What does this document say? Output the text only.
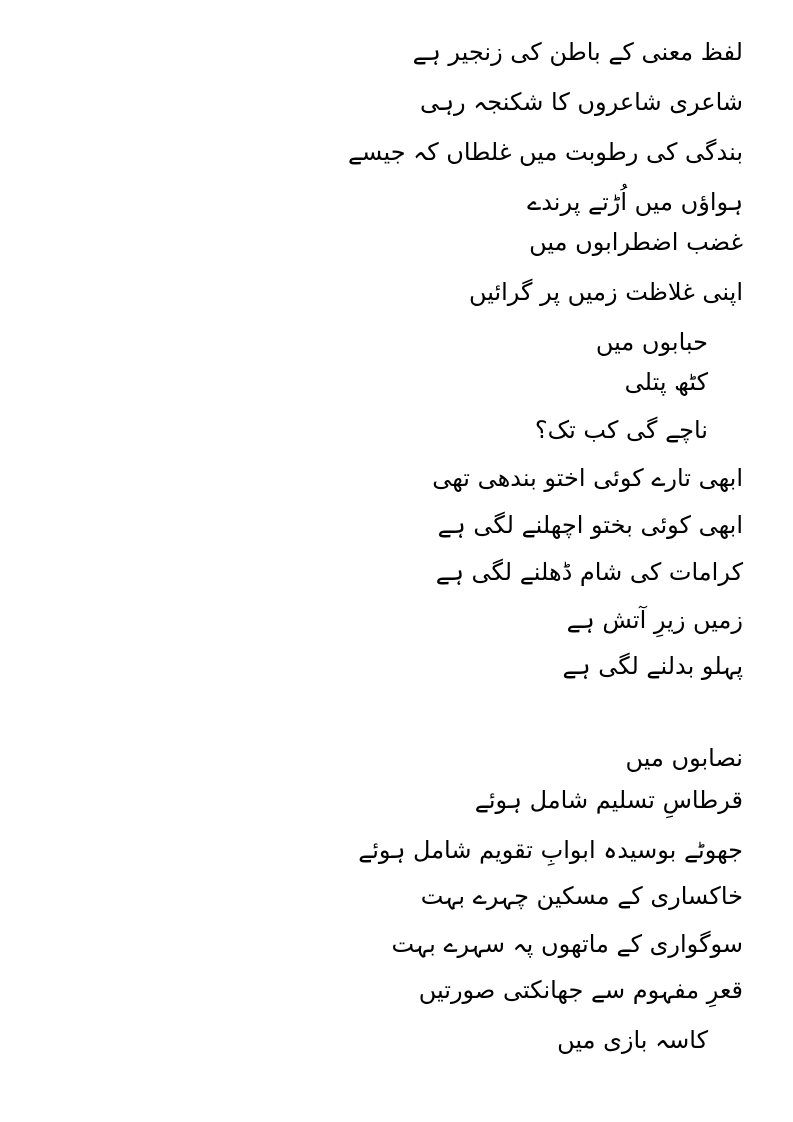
لفظ معنی کے باطن کی زنجیر ہے
شاعری شاعروں کا شکنجہ رہی
بندگی کی رطوبت میں غلطاں کہ جیسے
ہواؤں میں اُڑتے پرندے
غضب اضطرابوں میں
اپنی غلاظت زمیں پر گرائیں
حبابوں میں
کٹھ پتلی
ناچے گی کب تک؟
ابھی تارے کوئی اختو بندھی تھی
ابھی کوئی بختو اچھلنے لگی ہے
کرامات کی شام ڈھلنے لگی ہے
زمیں زیرِ آتش ہے
پہلو بدلنے لگی ہے
نصابوں میں
قرطاسِ تسلیم شامل ہوئے
جھوٹے بوسیدہ ابوابِ تقویم شامل ہوئے
خاکساری کے مسکین چہرے بہت
سوگواری کے ماتھوں پہ سہرے بہت
قعرِ مفہوم سے جھانکتی صورتیں
کاسہ بازی میں
